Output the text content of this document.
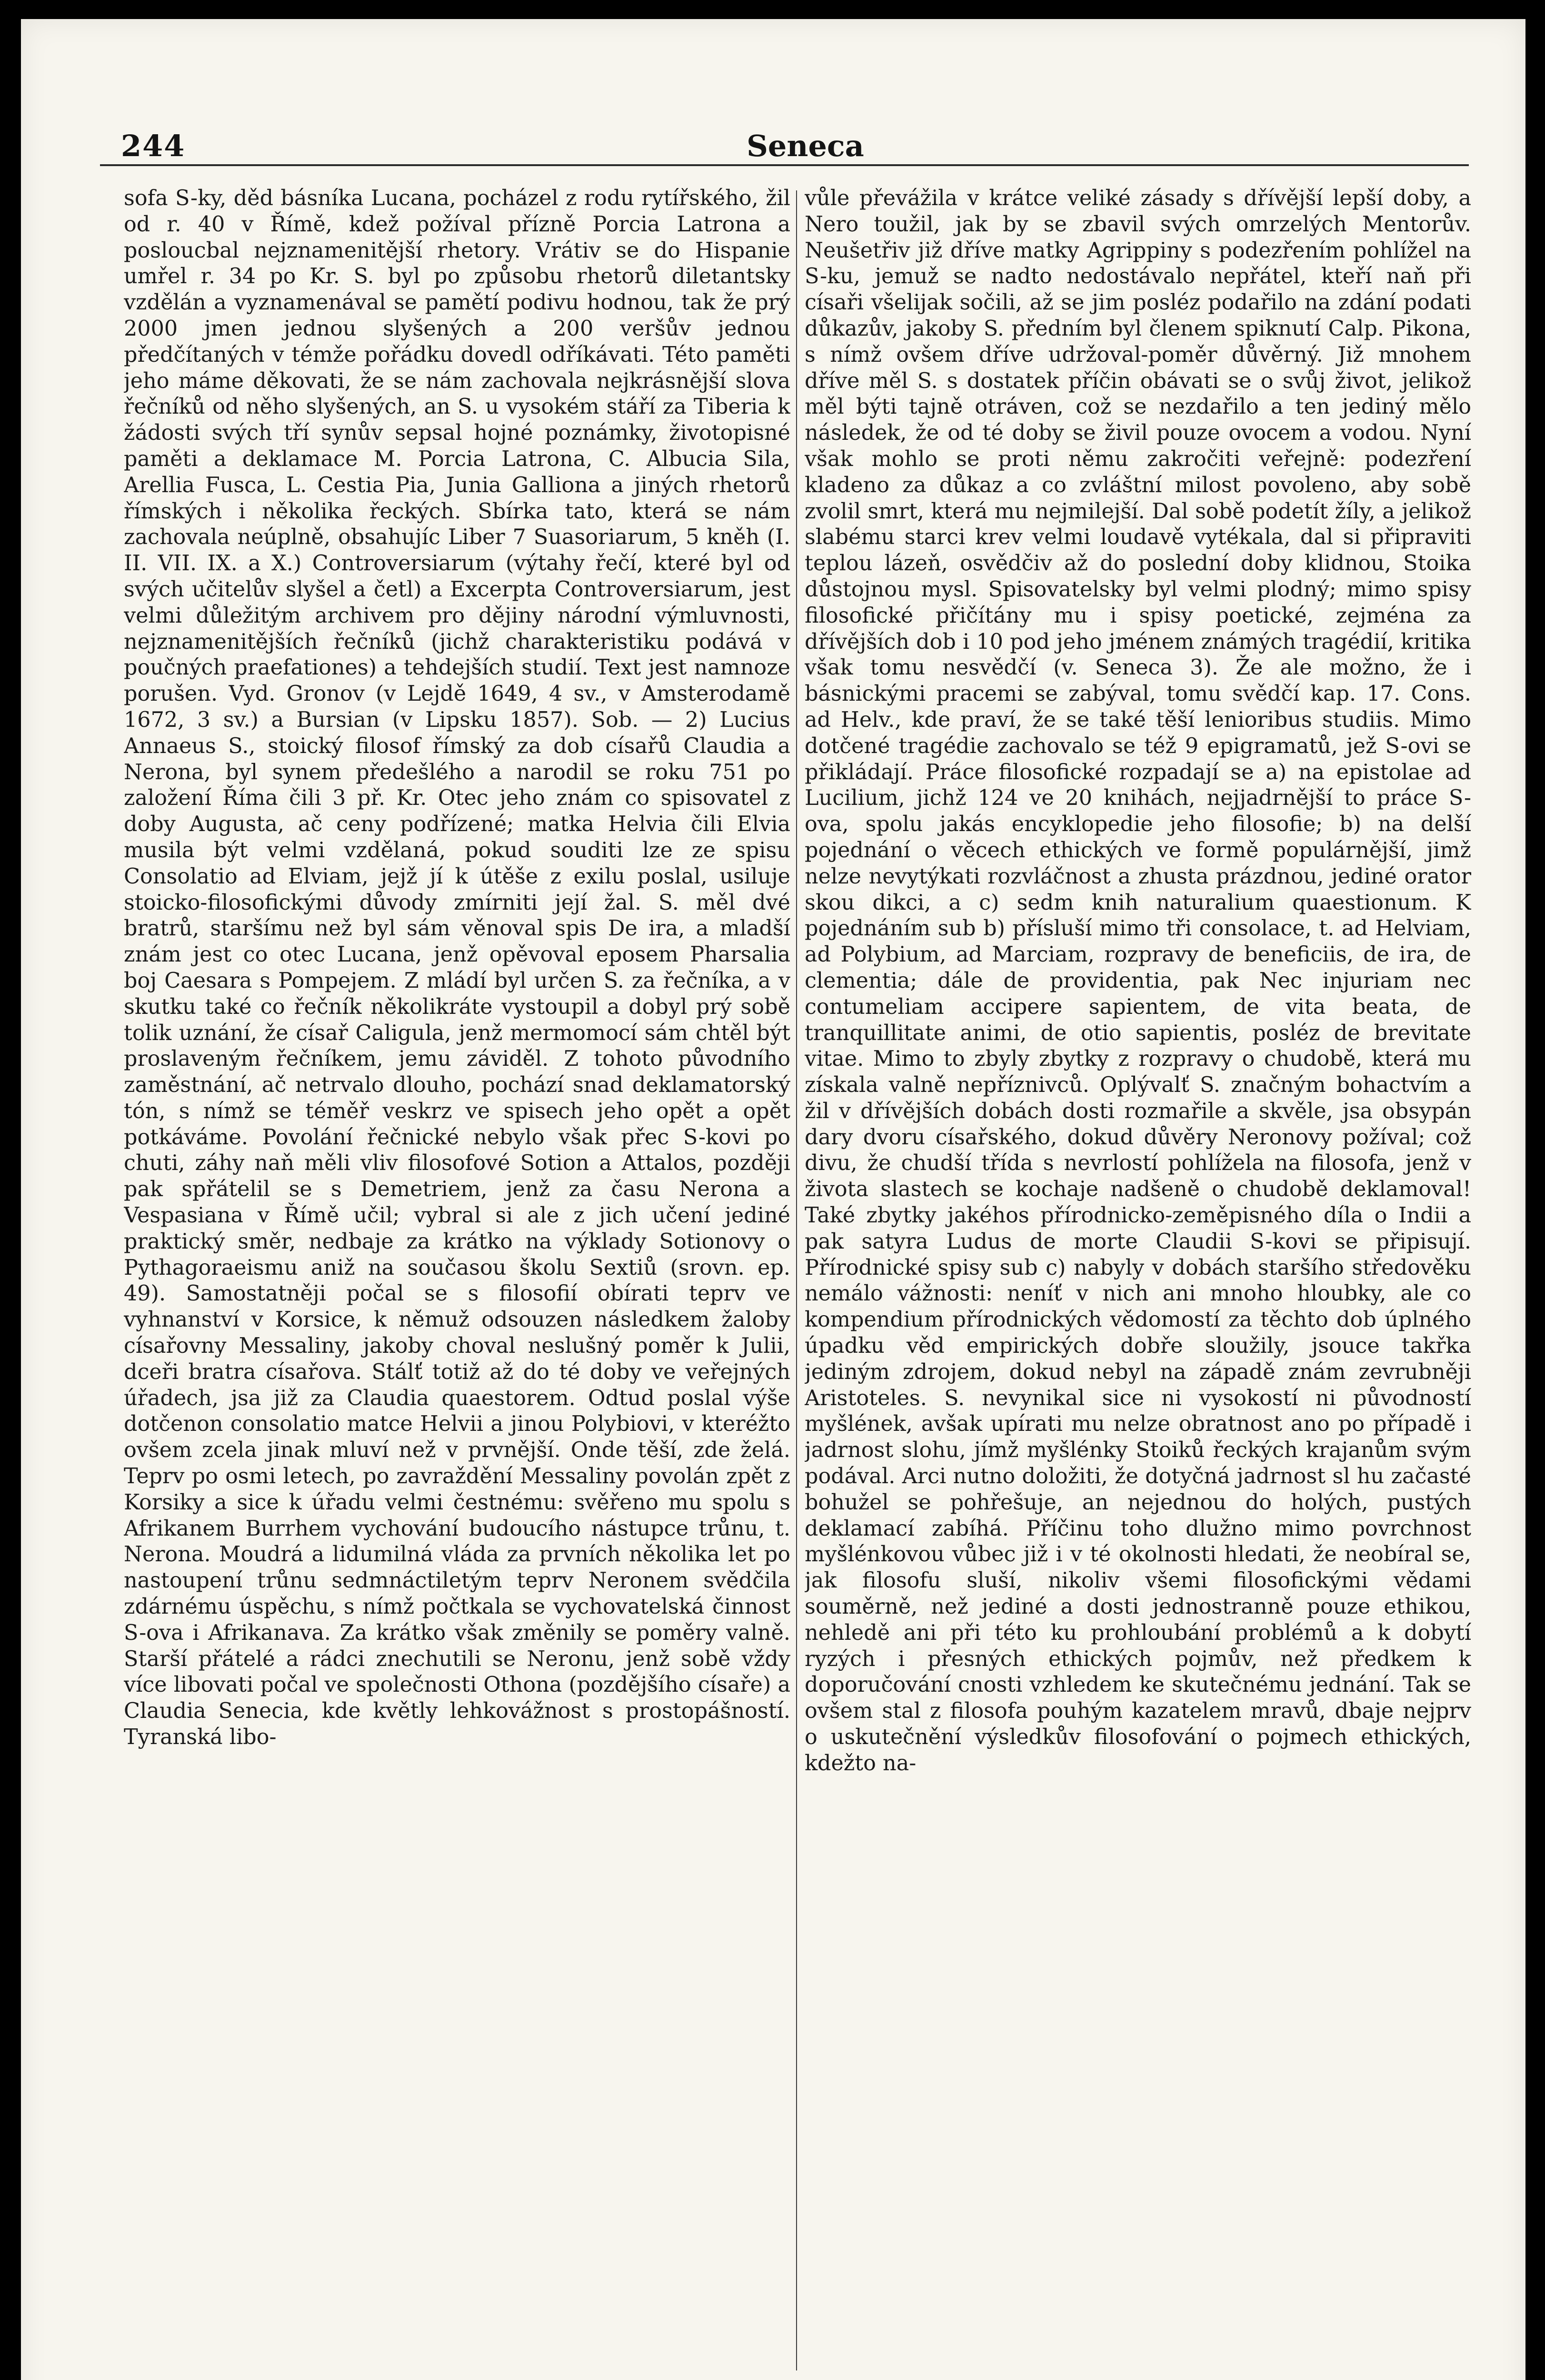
244	Seneca

sofa S-ky, děd básníka Lucana, pocházel z rodu rytířského, žil od r. 40 v Římě, kdež požíval přízně Porcia Latrona a posloucbal nejznamenitější rhetory. Vrátiv se do Hispanie umřel r. 34 po Kr. S. byl po způsobu rhetorů diletantsky vzdělán a vyznamenával se pamětí podivu hodnou, tak že prý 2000 jmen jednou slyšených a 200 veršův jednou předčítaných v témže pořádku dovedl odříkávati. Této paměti jeho máme děkovati, že se nám zachovala nejkrásnější slova řečníků od něho slyšených, an S. u vysokém stáří za Tiberia k žádosti svých tří synův sepsal hojné poznámky, životopisné paměti a deklamace M. Porcia Latrona, C. Albucia Sila, Arellia Fusca, L. Cestia Pia, Junia Galliona a jiných rhetorů římských i několika řeckých. Sbírka tato, která se nám zachovala neúplně, obsahujíc Liber 7 Suasoriarum, 5 kněh (I. II. VII. IX. a X.) Controversiarum (výtahy řečí, které byl od svých učitelův slyšel a četl) a Excerpta Controversiarum, jest velmi důležitým archivem pro dějiny národní výmluvnosti, nejznamenitějších řečníků (jichž charakteristiku podává v poučných praefationes) a tehdejších studií. Text jest namnoze porušen. Vyd. Gronov (v Lejdě 1649, 4 sv., v Amsterodamě 1672, 3 sv.) a Bursian (v Lipsku 1857). Sob. — 2) Lucius Annaeus S., stoický filosof římský za dob císařů Claudia a Nerona, byl synem předešlého a narodil se roku 751 po založení Říma čili 3 př. Kr. Otec jeho znám co spisovatel z doby Augusta, ač ceny podřízené; matka Helvia čili Elvia musila být velmi vzdělaná, pokud souditi lze ze spisu Consolatio ad Elviam, jejž jí k útěše z exilu poslal, usiluje stoicko-filosofickými důvody zmírniti její žal. S. měl dvé bratrů, staršímu než byl sám věnoval spis De ira, a mladší znám jest co otec Lucana, jenž opěvoval eposem Pharsalia boj Caesara s Pompejem. Z mládí byl určen S. za řečníka, a v skutku také co řečník několikráte vystoupil a dobyl prý sobě tolik uznání, že císař Caligula, jenž mermomocí sám chtěl být proslaveným řečníkem, jemu záviděl. Z tohoto původního zaměstnání, ač netrvalo dlouho, pochází snad deklamatorský tón, s nímž se téměř veskrz ve spisech jeho opět a opět potkáváme. Povolání řečnické nebylo však přec S-kovi po chuti, záhy naň měli vliv filosofové Sotion a Attalos, později pak spřátelil se s Demetriem, jenž za času Nerona a Vespasiana v Římě učil; vybral si ale z jich učení jediné praktický směr, nedbaje za krátko na výklady Sotionovy o Pythagoraeismu aniž na současou školu Sextiů (srovn. ep. 49). Samostatněji počal se s filosofií obírati teprv ve vyhnanství v Korsice, k němuž odsouzen následkem žaloby císařovny Messaliny, jakoby choval neslušný poměr k Julii, dceři bratra císařova. Stálť totiž až do té doby ve veřejných úřadech, jsa již za Claudia quaestorem. Odtud poslal výše dotčenon consolatio matce Helvii a jinou Polybiovi, v kteréžto ovšem zcela jinak mluví než v prvnější. Onde těší, zde želá. Teprv po osmi letech, po zavraždění Messaliny povolán zpět z Korsiky a sice k úřadu velmi čestnému: svěřeno mu spolu s Afrikanem Burrhem vychování budoucího nástupce trůnu, t. Nerona. Moudrá a lidumilná vláda za prvních několika let po nastoupení trůnu sedmnáctiletým teprv Neronem svědčila zdárnému úspěchu, s nímž počtkala se vychovatelská činnost S-ova i Afrikanava. Za krátko však změnily se poměry valně. Starší přátelé a rádci znechutili se Neronu, jenž sobě vždy více libovati počal ve společnosti Othona (pozdějšího císaře) a Claudia Senecia, kde květly lehkovážnost s prostopášností. Tyranská libo-

vůle převážila v krátce veliké zásady s dřívější lepší doby, a Nero toužil, jak by se zbavil svých omrzelých Mentorův. Neušetřiv již dříve matky Agrippiny s podezřením pohlížel na S-ku, jemuž se nadto nedostávalo nepřátel, kteří naň při císaři všelijak sočili, až se jim posléz podařilo na zdání podati důkazův, jakoby S. předním byl členem spiknutí Calp. Pikona, s nímž ovšem dříve udržoval-poměr důvěrný. Již mnohem dříve měl S. s dostatek příčin obávati se o svůj život, jelikož měl býti tajně otráven, což se nezdařilo a ten jediný mělo následek, že od té doby se živil pouze ovocem a vodou. Nyní však mohlo se proti němu zakročiti veřejně: podezření kladeno za důkaz a co zvláštní milost povoleno, aby sobě zvolil smrt, která mu nejmilejší. Dal sobě podetít žíly, a jelikož slabému starci krev velmi loudavě vytékala, dal si připraviti teplou lázeň, osvědčiv až do poslední doby klidnou, Stoika důstojnou mysl. Spisovatelsky byl velmi plodný; mimo spisy filosofické přičítány mu i spisy poetické, zejména za dřívějších dob i 10 pod jeho jménem známých tragédií, kritika však tomu nesvědčí (v. Seneca 3). Že ale možno, že i básnickými pracemi se zabýval, tomu svědčí kap. 17. Cons. ad Helv., kde praví, že se také těší lenioribus studiis. Mimo dotčené tragédie zachovalo se též 9 epigramatů, jež S-ovi se přikládají. Práce filosofické rozpadají se a) na epistolae ad Lucilium, jichž 124 ve 20 knihách, nejjadrnější to práce S-ova, spolu jakás encyklopedie jeho filosofie; b) na delší pojednání o věcech ethických ve formě populárnější, jimž nelze nevytýkati rozvláčnost a zhusta prázdnou, jediné orator skou dikci, a c) sedm knih naturalium quaestionum. K pojednáním sub b) přísluší mimo tři consolace, t. ad Helviam, ad Polybium, ad Marciam, rozpravy de beneficiis, de ira, de clementia; dále de providentia, pak Nec injuriam nec contumeliam accipere sapientem, de vita beata, de tranquillitate animi, de otio sapientis, posléz de brevitate vitae. Mimo to zbyly zbytky z rozpravy o chudobě, která mu získala valně nepříznivců. Oplývalť S. značným bohactvím a žil v dřívějších dobách dosti rozmařile a skvěle, jsa obsypán dary dvoru císařského, dokud důvěry Neronovy požíval; což divu, že chudší třída s nevrlostí pohlížela na filosofa, jenž v života slastech se kochaje nadšeně o chudobě deklamoval! Také zbytky jakéhos přírodnicko-zeměpisného díla o Indii a pak satyra Ludus de morte Claudii S-kovi se připisují. Přírodnické spisy sub c) nabyly v dobách staršího středověku nemálo vážnosti: neníť v nich ani mnoho hloubky, ale co kompendium přírodnických vědomostí za těchto dob úplného úpadku věd empirických dobře sloužily, jsouce takřka jediným zdrojem, dokud nebyl na západě znám zevrubněji Aristoteles. S. nevynikal sice ni vysokostí ni původností myšlének, avšak upírati mu nelze obratnost ano po případě i jadrnost slohu, jímž myšlénky Stoiků řeckých krajanům svým podával. Arci nutno doložiti, že dotyčná jadrnost sl hu začasté bohužel se pohřešuje, an nejednou do holých, pustých deklamací zabíhá. Příčinu toho dlužno mimo povrchnost myšlénkovou vůbec již i v té okolnosti hledati, že neobíral se, jak filosofu sluší, nikoliv všemi filosofickými vědami souměrně, než jediné a dosti jednostranně pouze ethikou, nehledě ani při této ku prohloubání problémů a k dobytí ryzých i přesných ethických pojmův, než předkem k doporučování cnosti vzhledem ke skutečnému jednání. Tak se ovšem stal z filosofa pouhým kazatelem mravů, dbaje nejprv o uskutečnění výsledkův filosofování o pojmech ethických, kdežto na-
